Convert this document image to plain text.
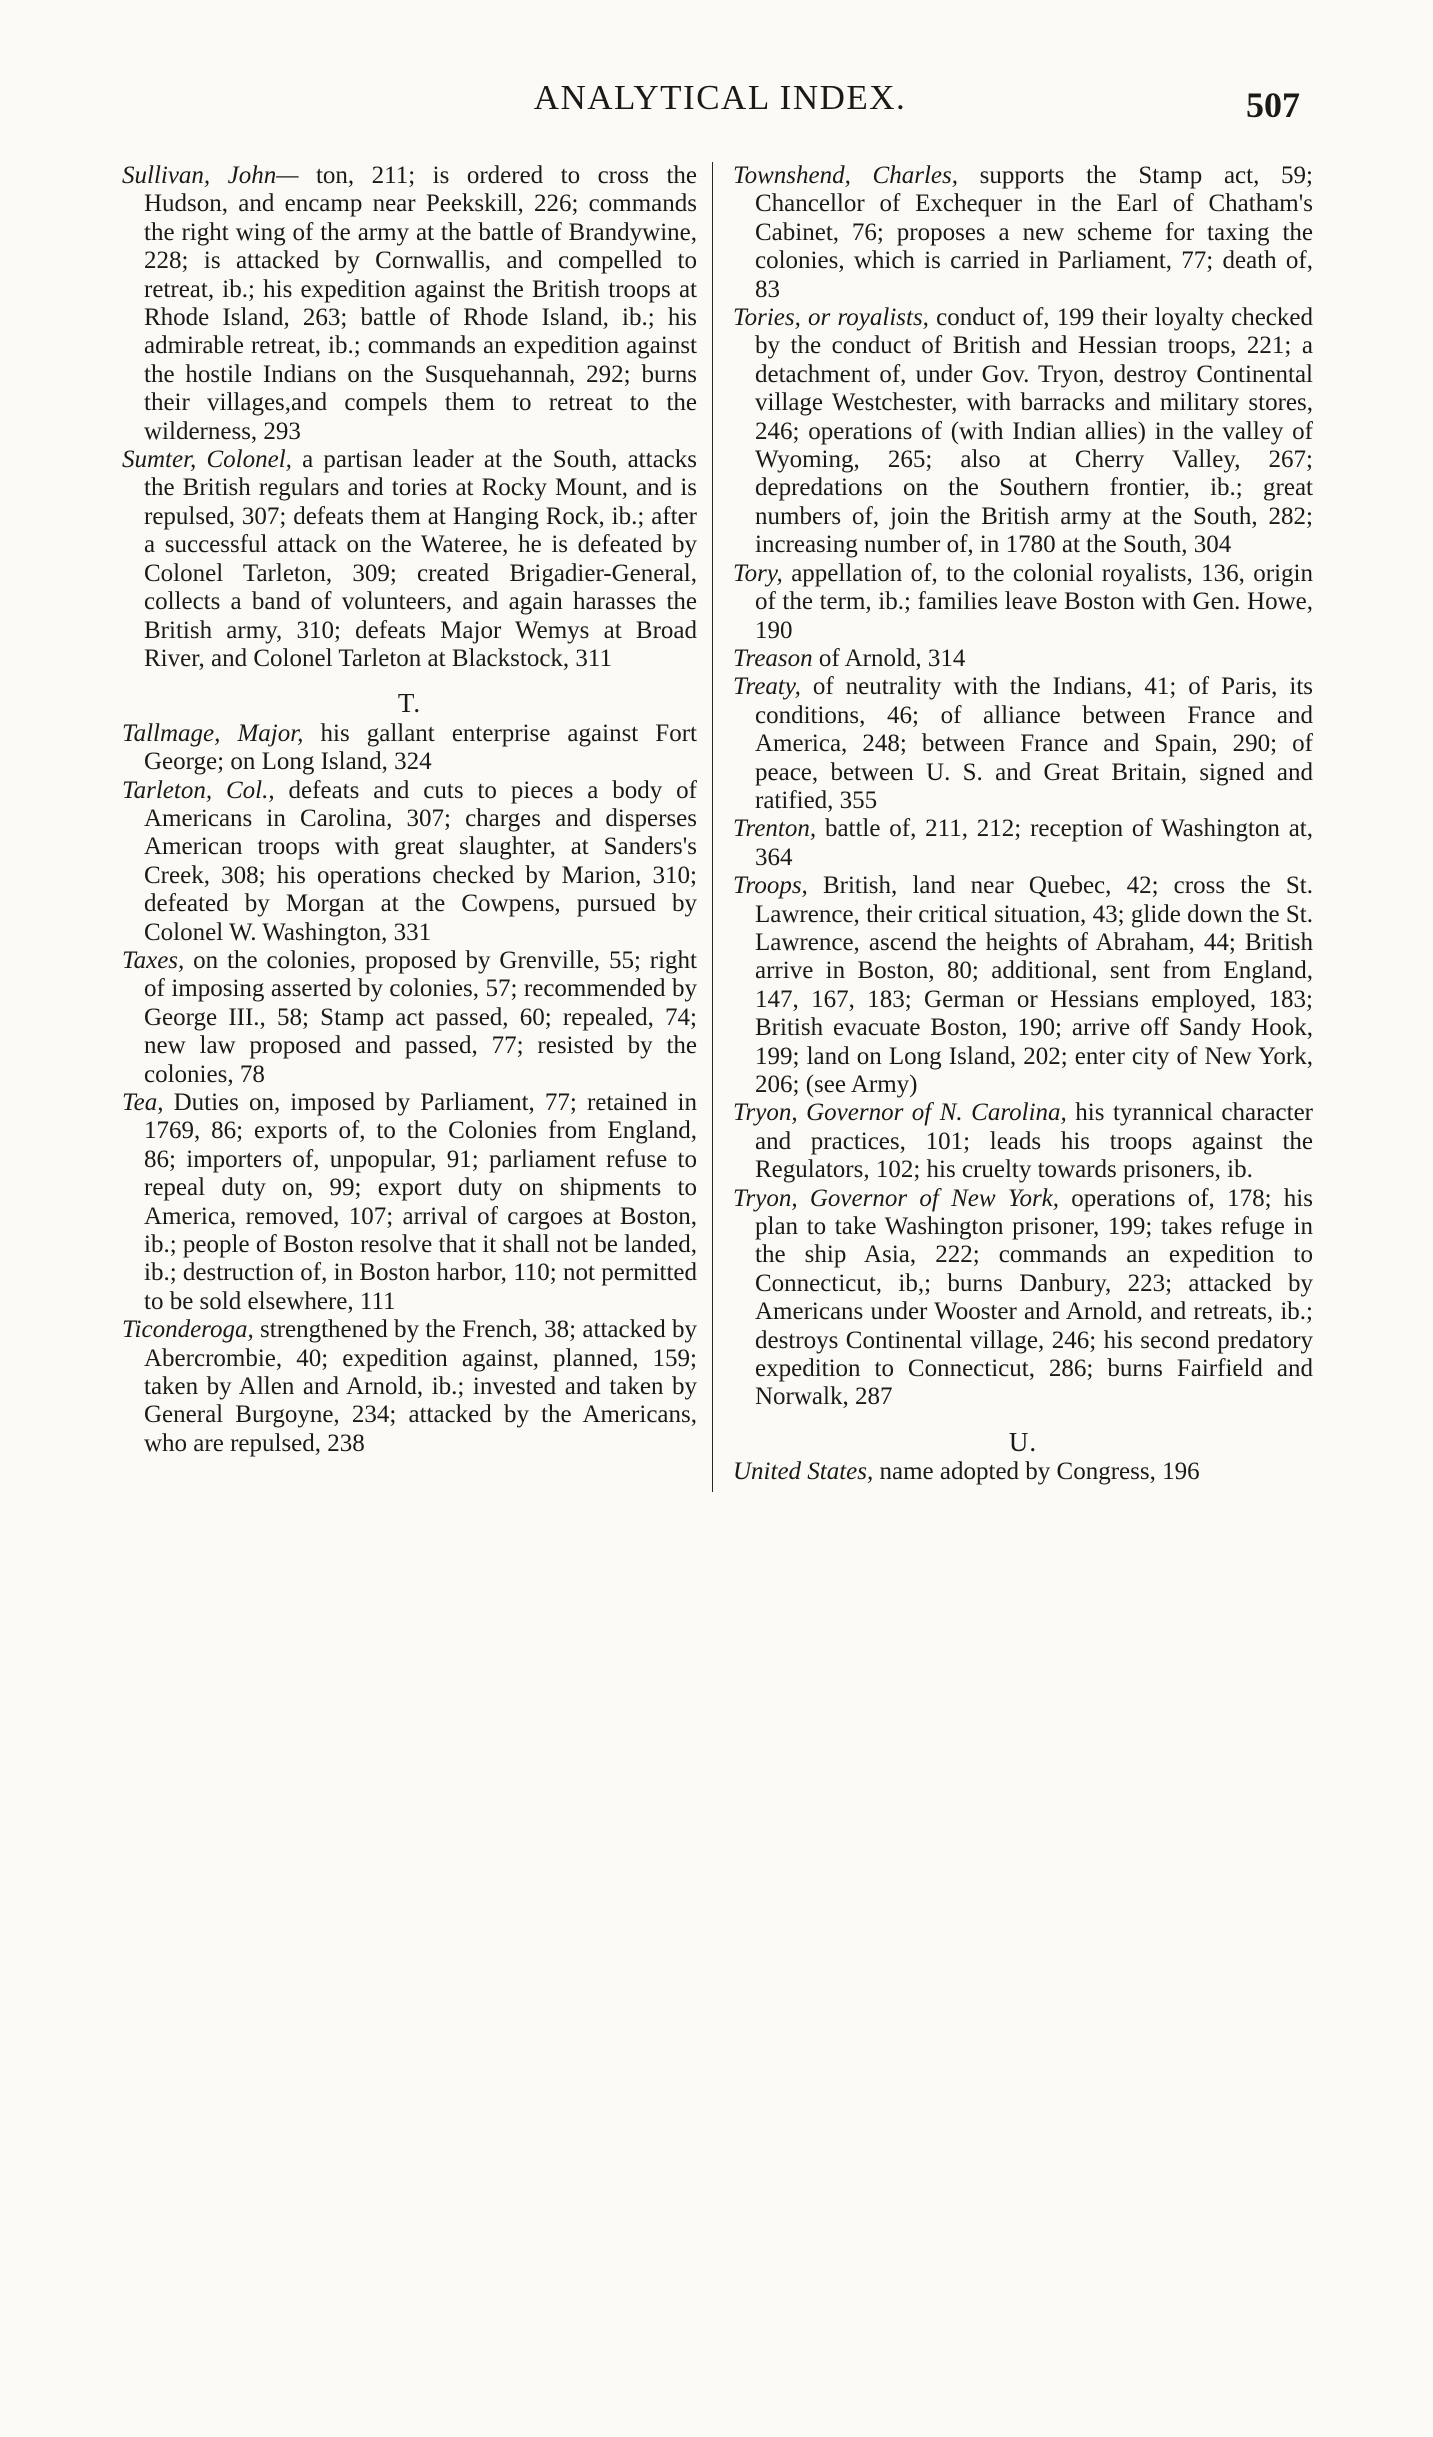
ANALYTICAL INDEX.	507

Sullivan, John— ton, 211; is ordered to cross the Hudson, and encamp near Peekskill, 226; commands the right wing of the army at the battle of Brandywine, 228; is attacked by Cornwallis, and compelled to retreat, ib.; his expedition against the British troops at Rhode Island, 263; battle of Rhode Island, ib.; his admirable retreat, ib.; commands an expedition against the hostile Indians on the Susquehannah, 292; burns their villages,and compels them to retreat to the wilderness, 293

Sumter, Colonel, a partisan leader at the South, attacks the British regulars and tories at Rocky Mount, and is repulsed, 307; defeats them at Hanging Rock, ib.; after a successful attack on the Wateree, he is defeated by Colonel Tarleton, 309; created Brigadier-General, collects a band of volunteers, and again harasses the British army, 310; defeats Major Wemys at Broad River, and Colonel Tarleton at Blackstock, 311

T.

Tallmage, Major, his gallant enterprise against Fort George; on Long Island, 324

Tarleton, Col., defeats and cuts to pieces a body of Americans in Carolina, 307; charges and disperses American troops with great slaughter, at Sanders's Creek, 308; his operations checked by Marion, 310; defeated by Morgan at the Cowpens, pursued by Colonel W. Washington, 331

Taxes, on the colonies, proposed by Grenville, 55; right of imposing asserted by colonies, 57; recommended by George III., 58; Stamp act passed, 60; repealed, 74; new law proposed and passed, 77; resisted by the colonies, 78

Tea, Duties on, imposed by Parliament, 77; retained in 1769, 86; exports of, to the Colonies from England, 86; importers of, unpopular, 91; parliament refuse to repeal duty on, 99; export duty on shipments to America, removed, 107; arrival of cargoes at Boston, ib.; people of Boston resolve that it shall not be landed, ib.; destruction of, in Boston harbor, 110; not permitted to be sold elsewhere, 111

Ticonderoga, strengthened by the French, 38; attacked by Abercrombie, 40; expedition against, planned, 159; taken by Allen and Arnold, ib.; invested and taken by General Burgoyne, 234; attacked by the Americans, who are repulsed, 238

Townshend, Charles, supports the Stamp act, 59; Chancellor of Exchequer in the Earl of Chatham's Cabinet, 76; proposes a new scheme for taxing the colonies, which is carried in Parliament, 77; death of, 83

Tories, or royalists, conduct of, 199 their loyalty checked by the conduct of British and Hessian troops, 221; a detachment of, under Gov. Tryon, destroy Continental village Westchester, with barracks and military stores, 246; operations of (with Indian allies) in the valley of Wyoming, 265; also at Cherry Valley, 267; depredations on the Southern frontier, ib.; great numbers of, join the British army at the South, 282; increasing number of, in 1780 at the South, 304

Tory, appellation of, to the colonial royalists, 136, origin of the term, ib.; families leave Boston with Gen. Howe, 190

Treason of Arnold, 314

Treaty, of neutrality with the Indians, 41; of Paris, its conditions, 46; of alliance between France and America, 248; between France and Spain, 290; of peace, between U. S. and Great Britain, signed and ratified, 355

Trenton, battle of, 211, 212; reception of Washington at, 364

Troops, British, land near Quebec, 42; cross the St. Lawrence, their critical situation, 43; glide down the St. Lawrence, ascend the heights of Abraham, 44; British arrive in Boston, 80; additional, sent from England, 147, 167, 183; German or Hessians employed, 183; British evacuate Boston, 190; arrive off Sandy Hook, 199; land on Long Island, 202; enter city of New York, 206; (see Army)

Tryon, Governor of N. Carolina, his tyrannical character and practices, 101; leads his troops against the Regulators, 102; his cruelty towards prisoners, ib.

Tryon, Governor of New York, operations of, 178; his plan to take Washington prisoner, 199; takes refuge in the ship Asia, 222; commands an expedition to Connecticut, ib,; burns Danbury, 223; attacked by Americans under Wooster and Arnold, and retreats, ib.; destroys Continental village, 246; his second predatory expedition to Connecticut, 286; burns Fairfield and Norwalk, 287

U.

United States, name adopted by Congress, 196
